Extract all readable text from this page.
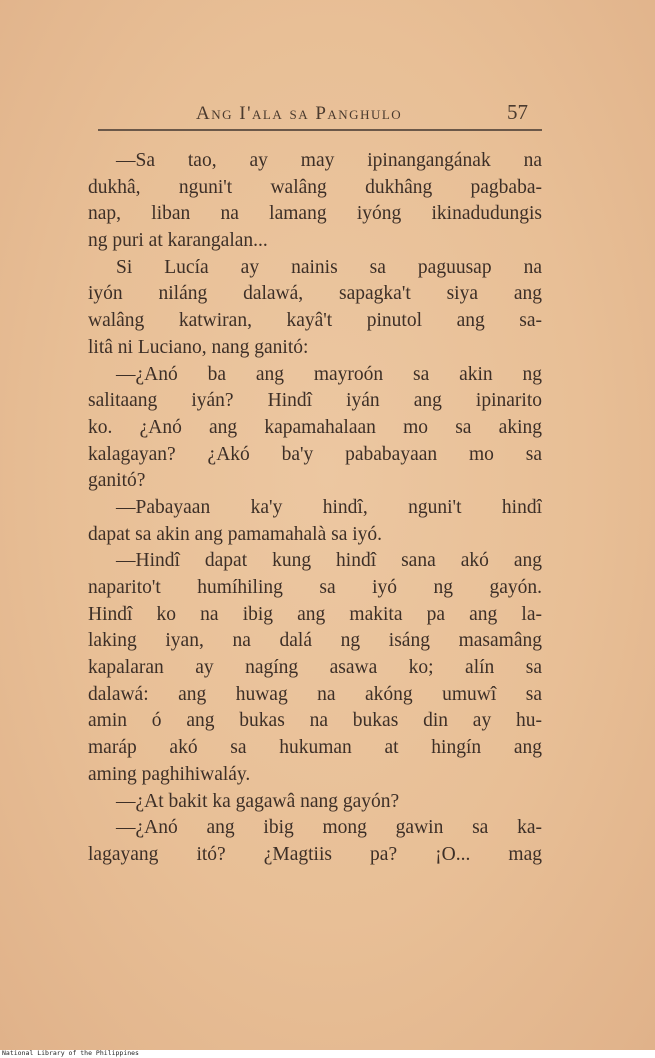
Ang I'ala sa Panghulo	57
—Sa tao, ay may ipinangangának na
dukhâ, nguni't walâng dukhâng pagbaba-
nap, liban na lamang iyóng ikinadudungis
ng puri at karangalan...
Si Lucía ay nainis sa paguusap na
iyón niláng dalawá, sapagka't siya ang
walâng katwiran, kayâ't pinutol ang sa-
litâ ni Luciano, nang ganitó:
—¿Anó ba ang mayroón sa akin ng
salitaang iyán? Hindî iyán ang ipinarito
ko. ¿Anó ang kapamahalaan mo sa aking
kalagayan? ¿Akó ba'y pababayaan mo sa
ganitó?
—Pabayaan ka'y hindî, nguni't hindî
dapat sa akin ang pamamahalà sa iyó.
—Hindî dapat kung hindî sana akó ang
naparito't humíhiling sa iyó ng gayón.
Hindî ko na ibig ang makita pa ang la-
laking iyan, na dalá ng isáng masamâng
kapalaran ay nagíng asawa ko; alín sa
dalawá: ang huwag na akóng umuwî sa
amin ó ang bukas na bukas din ay hu-
maráp akó sa hukuman at hingín ang
aming paghihiwaláy.
—¿At bakit ka gagawâ nang gayón?
—¿Anó ang ibig mong gawin sa ka-
lagayang itó? ¿Magtiis pa? ¡O... mag
National Library of the Philippines
